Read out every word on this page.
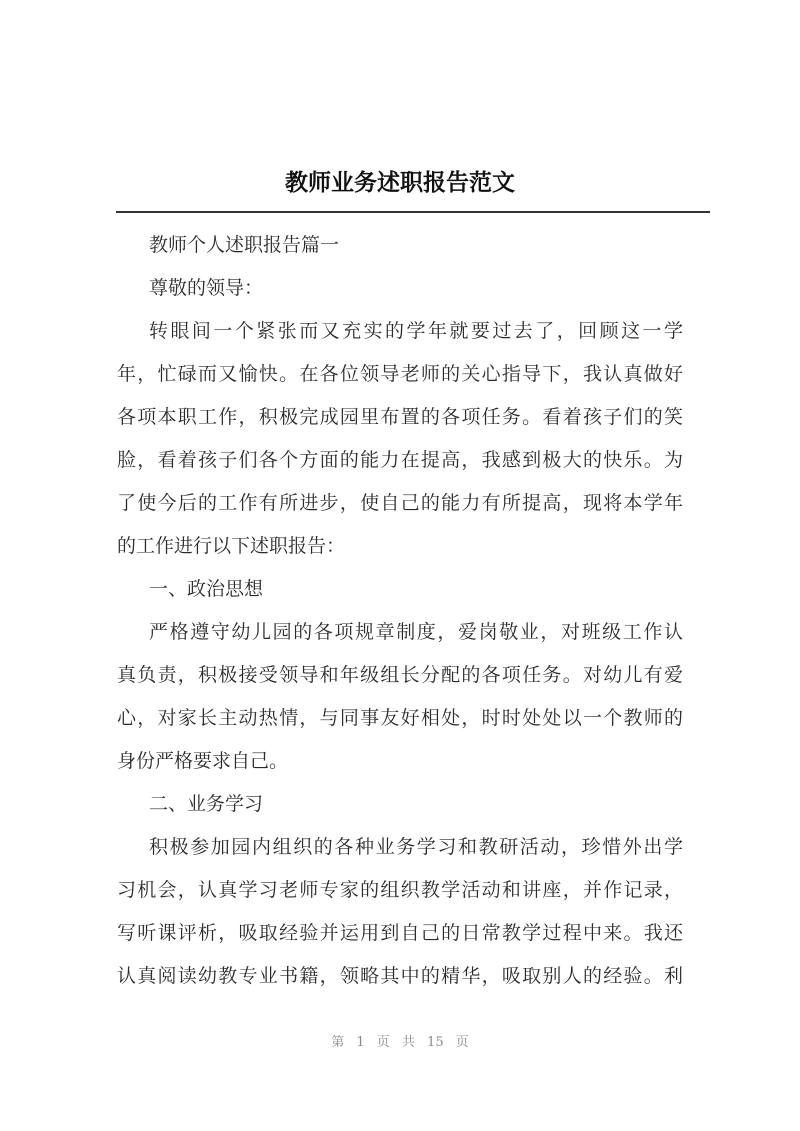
教师业务述职报告范文
教师个人述职报告篇一
尊敬的领导：
转眼间一个紧张而又充实的学年就要过去了，回顾这一学
年，忙碌而又愉快。在各位领导老师的关心指导下，我认真做好
各项本职工作，积极完成园里布置的各项任务。看着孩子们的笑
脸，看着孩子们各个方面的能力在提高，我感到极大的快乐。为
了使今后的工作有所进步，使自己的能力有所提高，现将本学年
的工作进行以下述职报告：
一、政治思想
严格遵守幼儿园的各项规章制度，爱岗敬业，对班级工作认
真负责，积极接受领导和年级组长分配的各项任务。对幼儿有爱
心，对家长主动热情，与同事友好相处，时时处处以一个教师的
身份严格要求自己。
二、业务学习
积极参加园内组织的各种业务学习和教研活动，珍惜外出学
习机会，认真学习老师专家的组织教学活动和讲座，并作记录，
写听课评析，吸取经验并运用到自己的日常教学过程中来。我还
认真阅读幼教专业书籍，领略其中的精华，吸取别人的经验。利
第 1 页 共 15 页
